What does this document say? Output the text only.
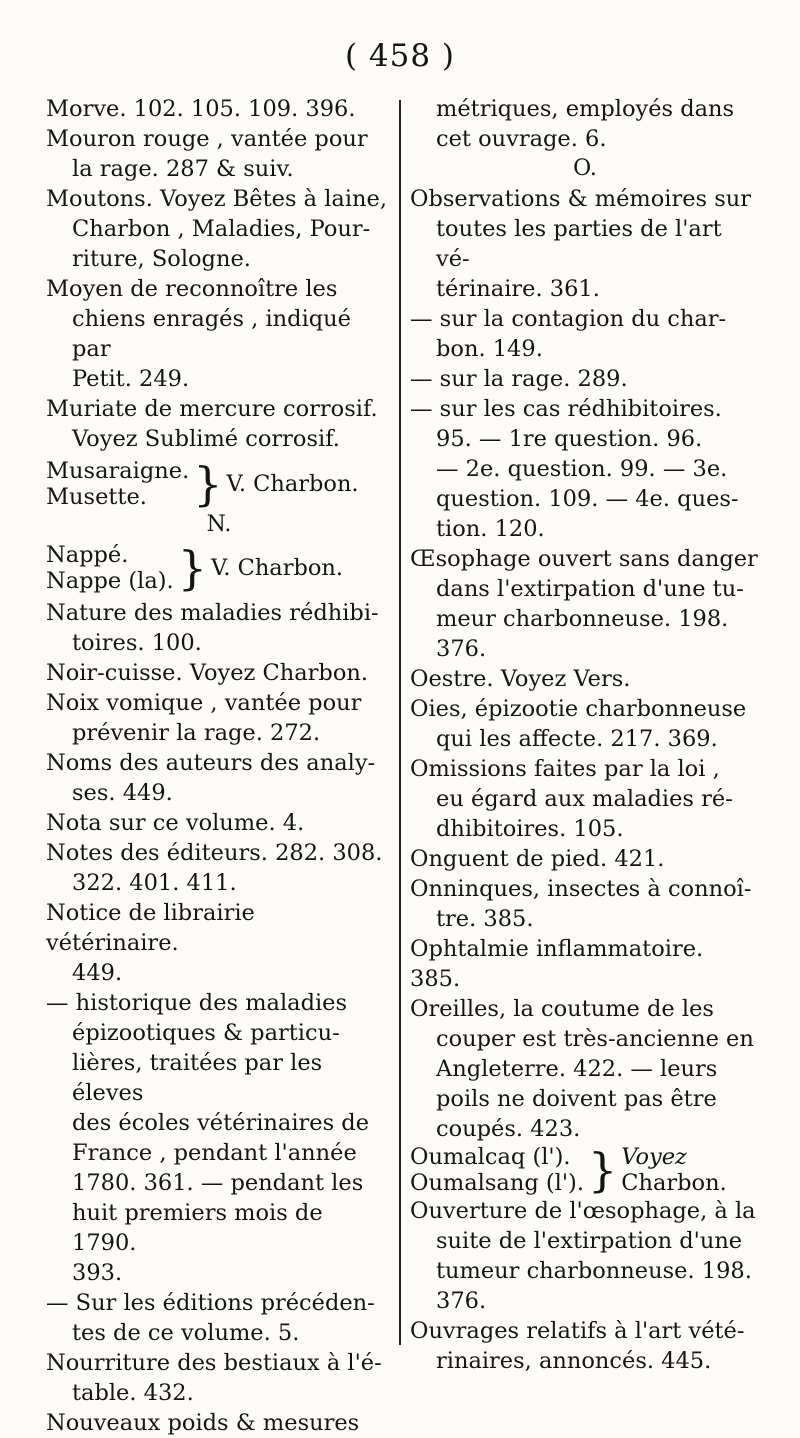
( 458 )

Morve. 102. 105. 109. 396.

Mouron rouge , vantée pour
la rage. 287 & suiv.

Moutons. Voyez Bêtes à laine,
Charbon , Maladies, Pour-
riture, Sologne.

Moyen de reconnoître les
chiens enragés , indiqué par
Petit. 249.

Muriate de mercure corrosif.
Voyez Sublimé corrosif.

Musaraigne.
Musette.	} V. Charbon.

N.

Nappé.
Nappe (la). } V. Charbon.

Nature des maladies rédhibi-
toires. 100.

Noir-cuisse. Voyez Charbon.

Noix vomique , vantée pour
prévenir la rage. 272.

Noms des auteurs des analy-
ses. 449.

Nota sur ce volume. 4.

Notes des éditeurs. 282. 308.
322. 401. 411.

Notice de librairie vétérinaire.
449.

— historique des maladies
épizootiques & particu-
lières, traitées par les éleves
des écoles vétérinaires de
France , pendant l'année
1780. 361. — pendant les
huit premiers mois de 1790.
393.

— Sur les éditions précéden-
tes de ce volume. 5.

Nourriture des bestiaux à l'é-
table. 432.

Nouveaux poids & mesures

métriques, employés dans
cet ouvrage. 6.

O.

Observations & mémoires sur
toutes les parties de l'art vé-
térinaire. 361.

— sur la contagion du char-
bon. 149.

— sur la rage. 289.

— sur les cas rédhibitoires.
95. — 1re question. 96.
— 2e. question. 99. — 3e.
question. 109. — 4e. ques-
tion. 120.

Œsophage ouvert sans danger
dans l'extirpation d'une tu-
meur charbonneuse. 198.
376.

Oestre. Voyez Vers.

Oies, épizootie charbonneuse
qui les affecte. 217. 369.

Omissions faites par la loi ,
eu égard aux maladies ré-
dhibitoires. 105.

Onguent de pied. 421.

Onninques, insectes à connoî-
tre. 385.

Ophtalmie inflammatoire. 385.

Oreilles, la coutume de les
couper est très-ancienne en
Angleterre. 422. — leurs
poils ne doivent pas être
coupés. 423.

Oumalcaq (l').
Oumalsang (l'). } Voyez
Charbon.

Ouverture de l'œsophage, à la
suite de l'extirpation d'une
tumeur charbonneuse. 198.
376.

Ouvrages relatifs à l'art vété-
rinaires, annoncés. 445.
